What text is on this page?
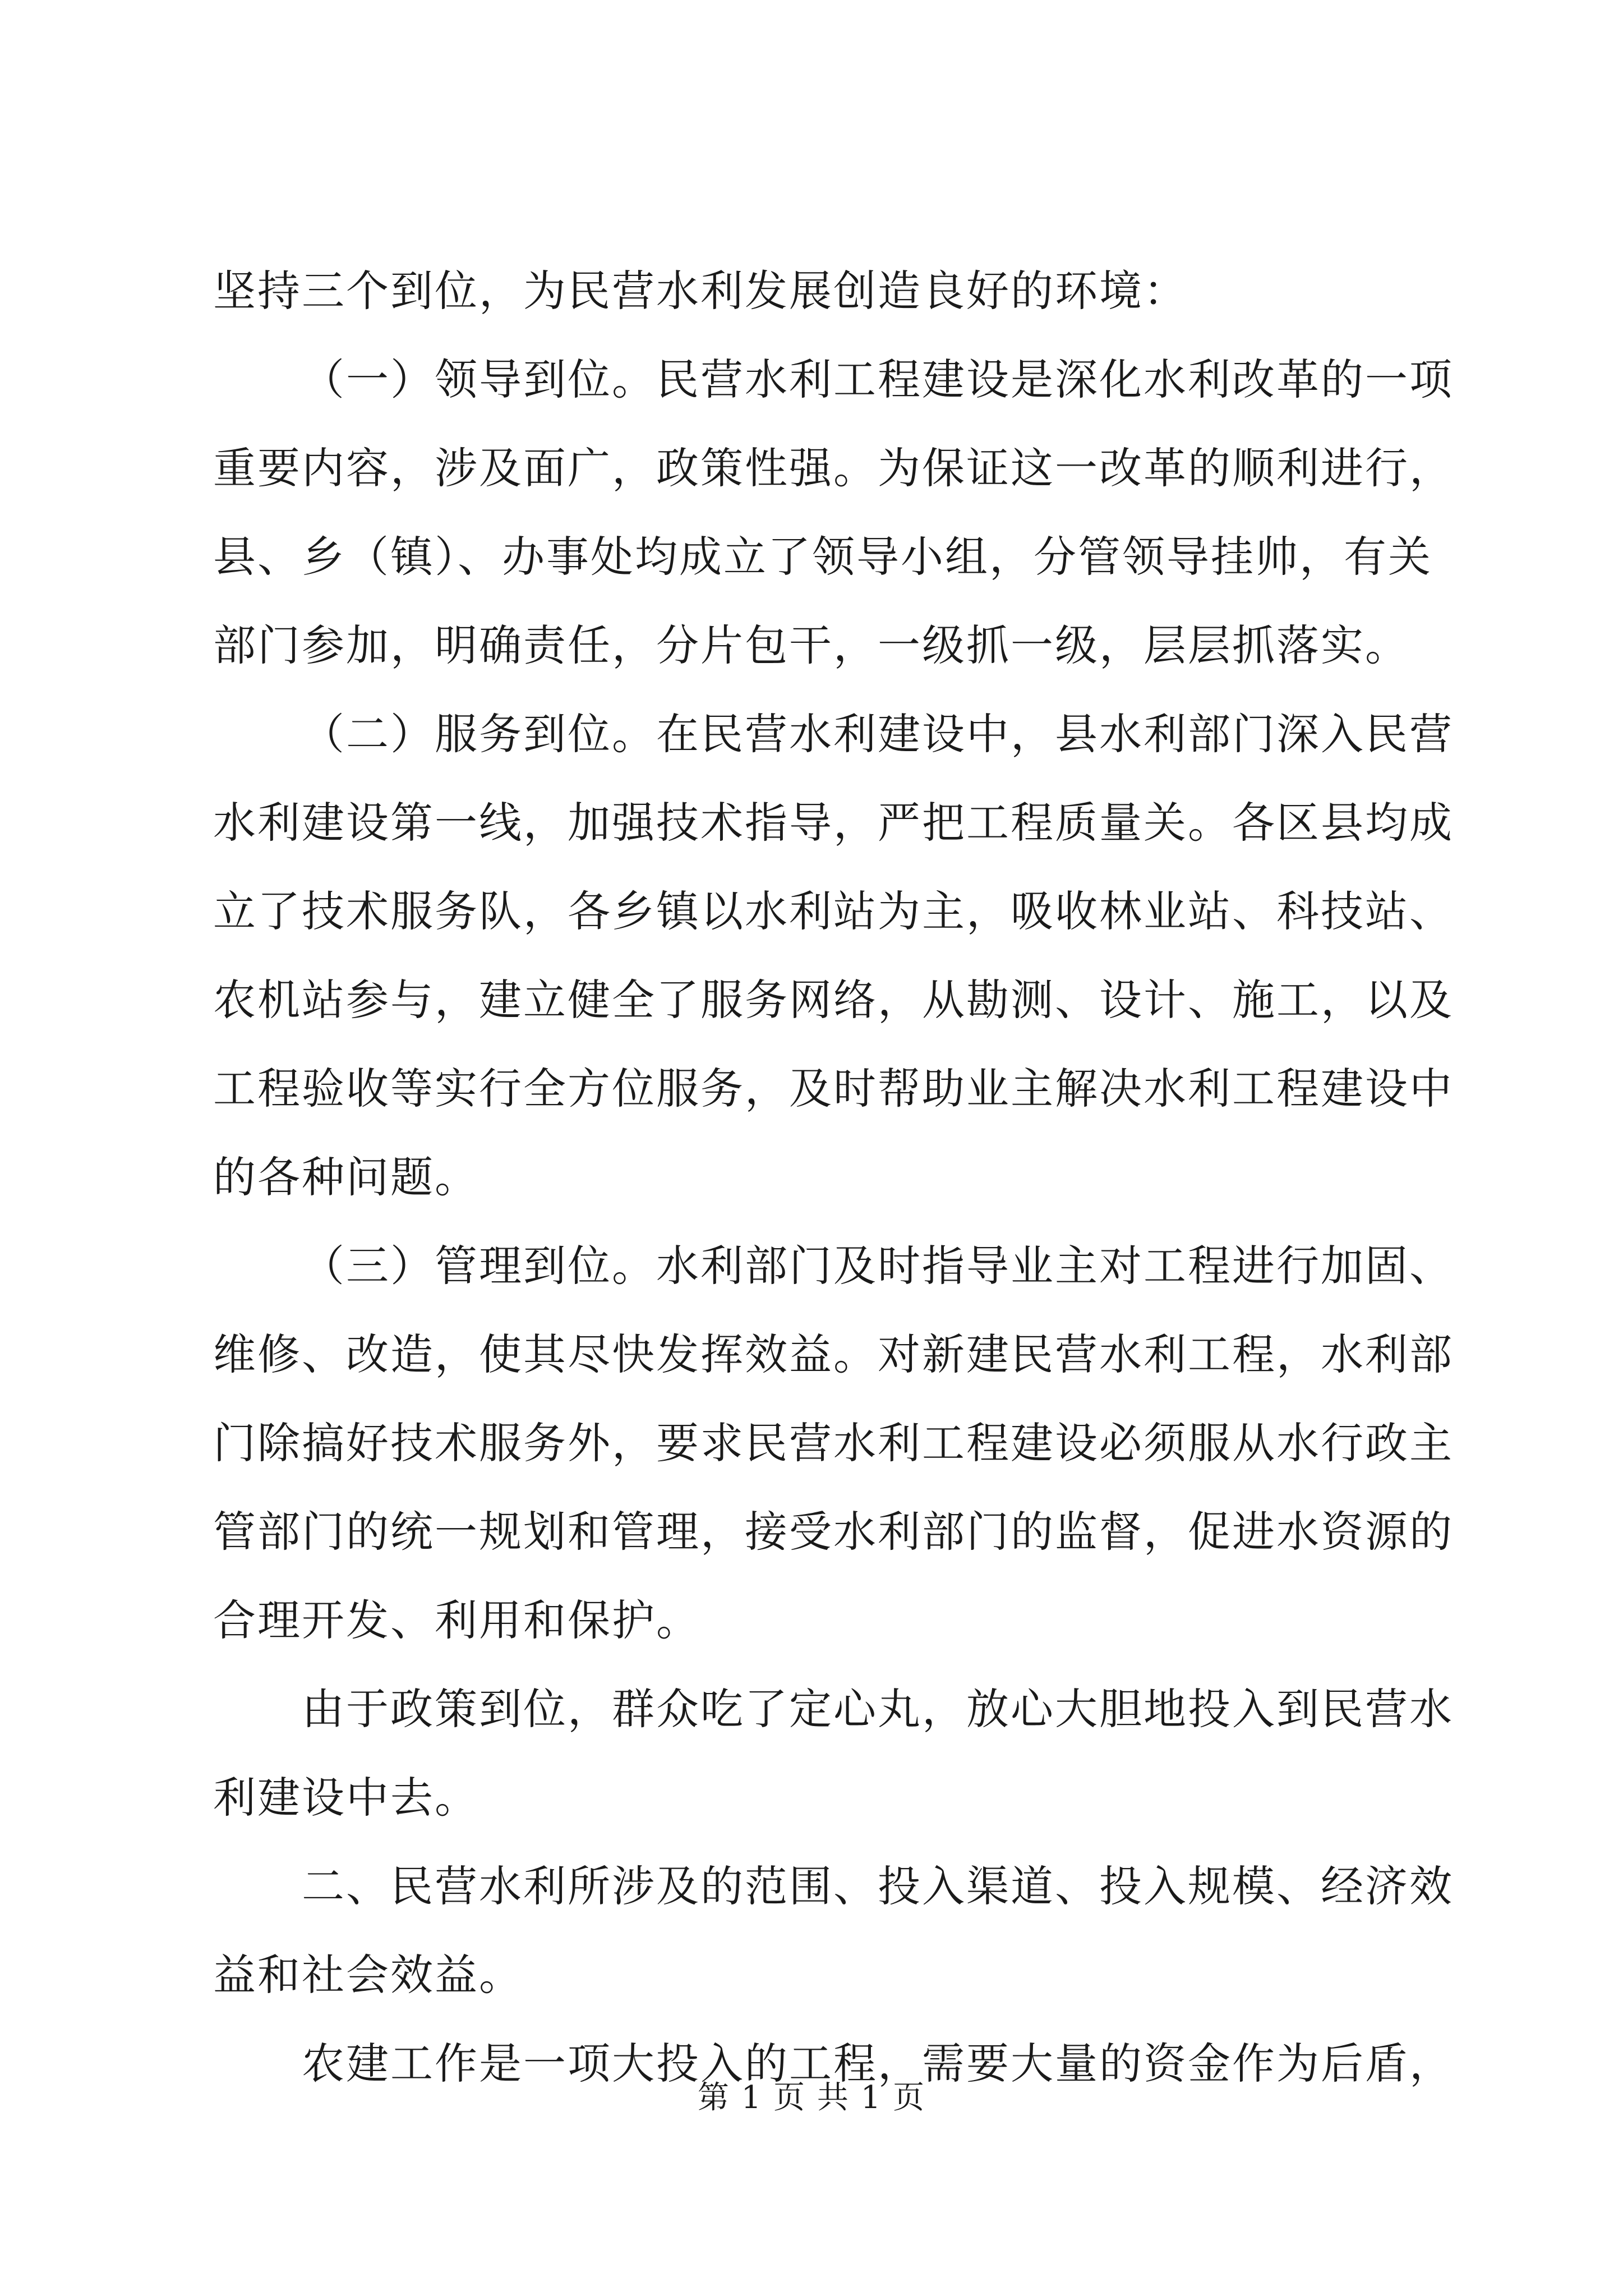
坚持三个到位，为民营水利发展创造良好的环境：
（一）领导到位。民营水利工程建设是深化水利改革的一项
重要内容，涉及面广，政策性强。为保证这一改革的顺利进行，
县、乡（镇）、办事处均成立了领导小组，分管领导挂帅，有关
部门参加，明确责任，分片包干，一级抓一级，层层抓落实。
（二）服务到位。在民营水利建设中，县水利部门深入民营
水利建设第一线，加强技术指导，严把工程质量关。各区县均成
立了技术服务队，各乡镇以水利站为主，吸收林业站、科技站、
农机站参与，建立健全了服务网络，从勘测、设计、施工，以及
工程验收等实行全方位服务，及时帮助业主解决水利工程建设中
的各种问题。
（三）管理到位。水利部门及时指导业主对工程进行加固、
维修、改造，使其尽快发挥效益。对新建民营水利工程，水利部
门除搞好技术服务外，要求民营水利工程建设必须服从水行政主
管部门的统一规划和管理，接受水利部门的监督，促进水资源的
合理开发、利用和保护。
由于政策到位，群众吃了定心丸，放心大胆地投入到民营水
利建设中去。
二、民营水利所涉及的范围、投入渠道、投入规模、经济效
益和社会效益。
农建工作是一项大投入的工程，需要大量的资金作为后盾，
第 1 页 共 1 页
